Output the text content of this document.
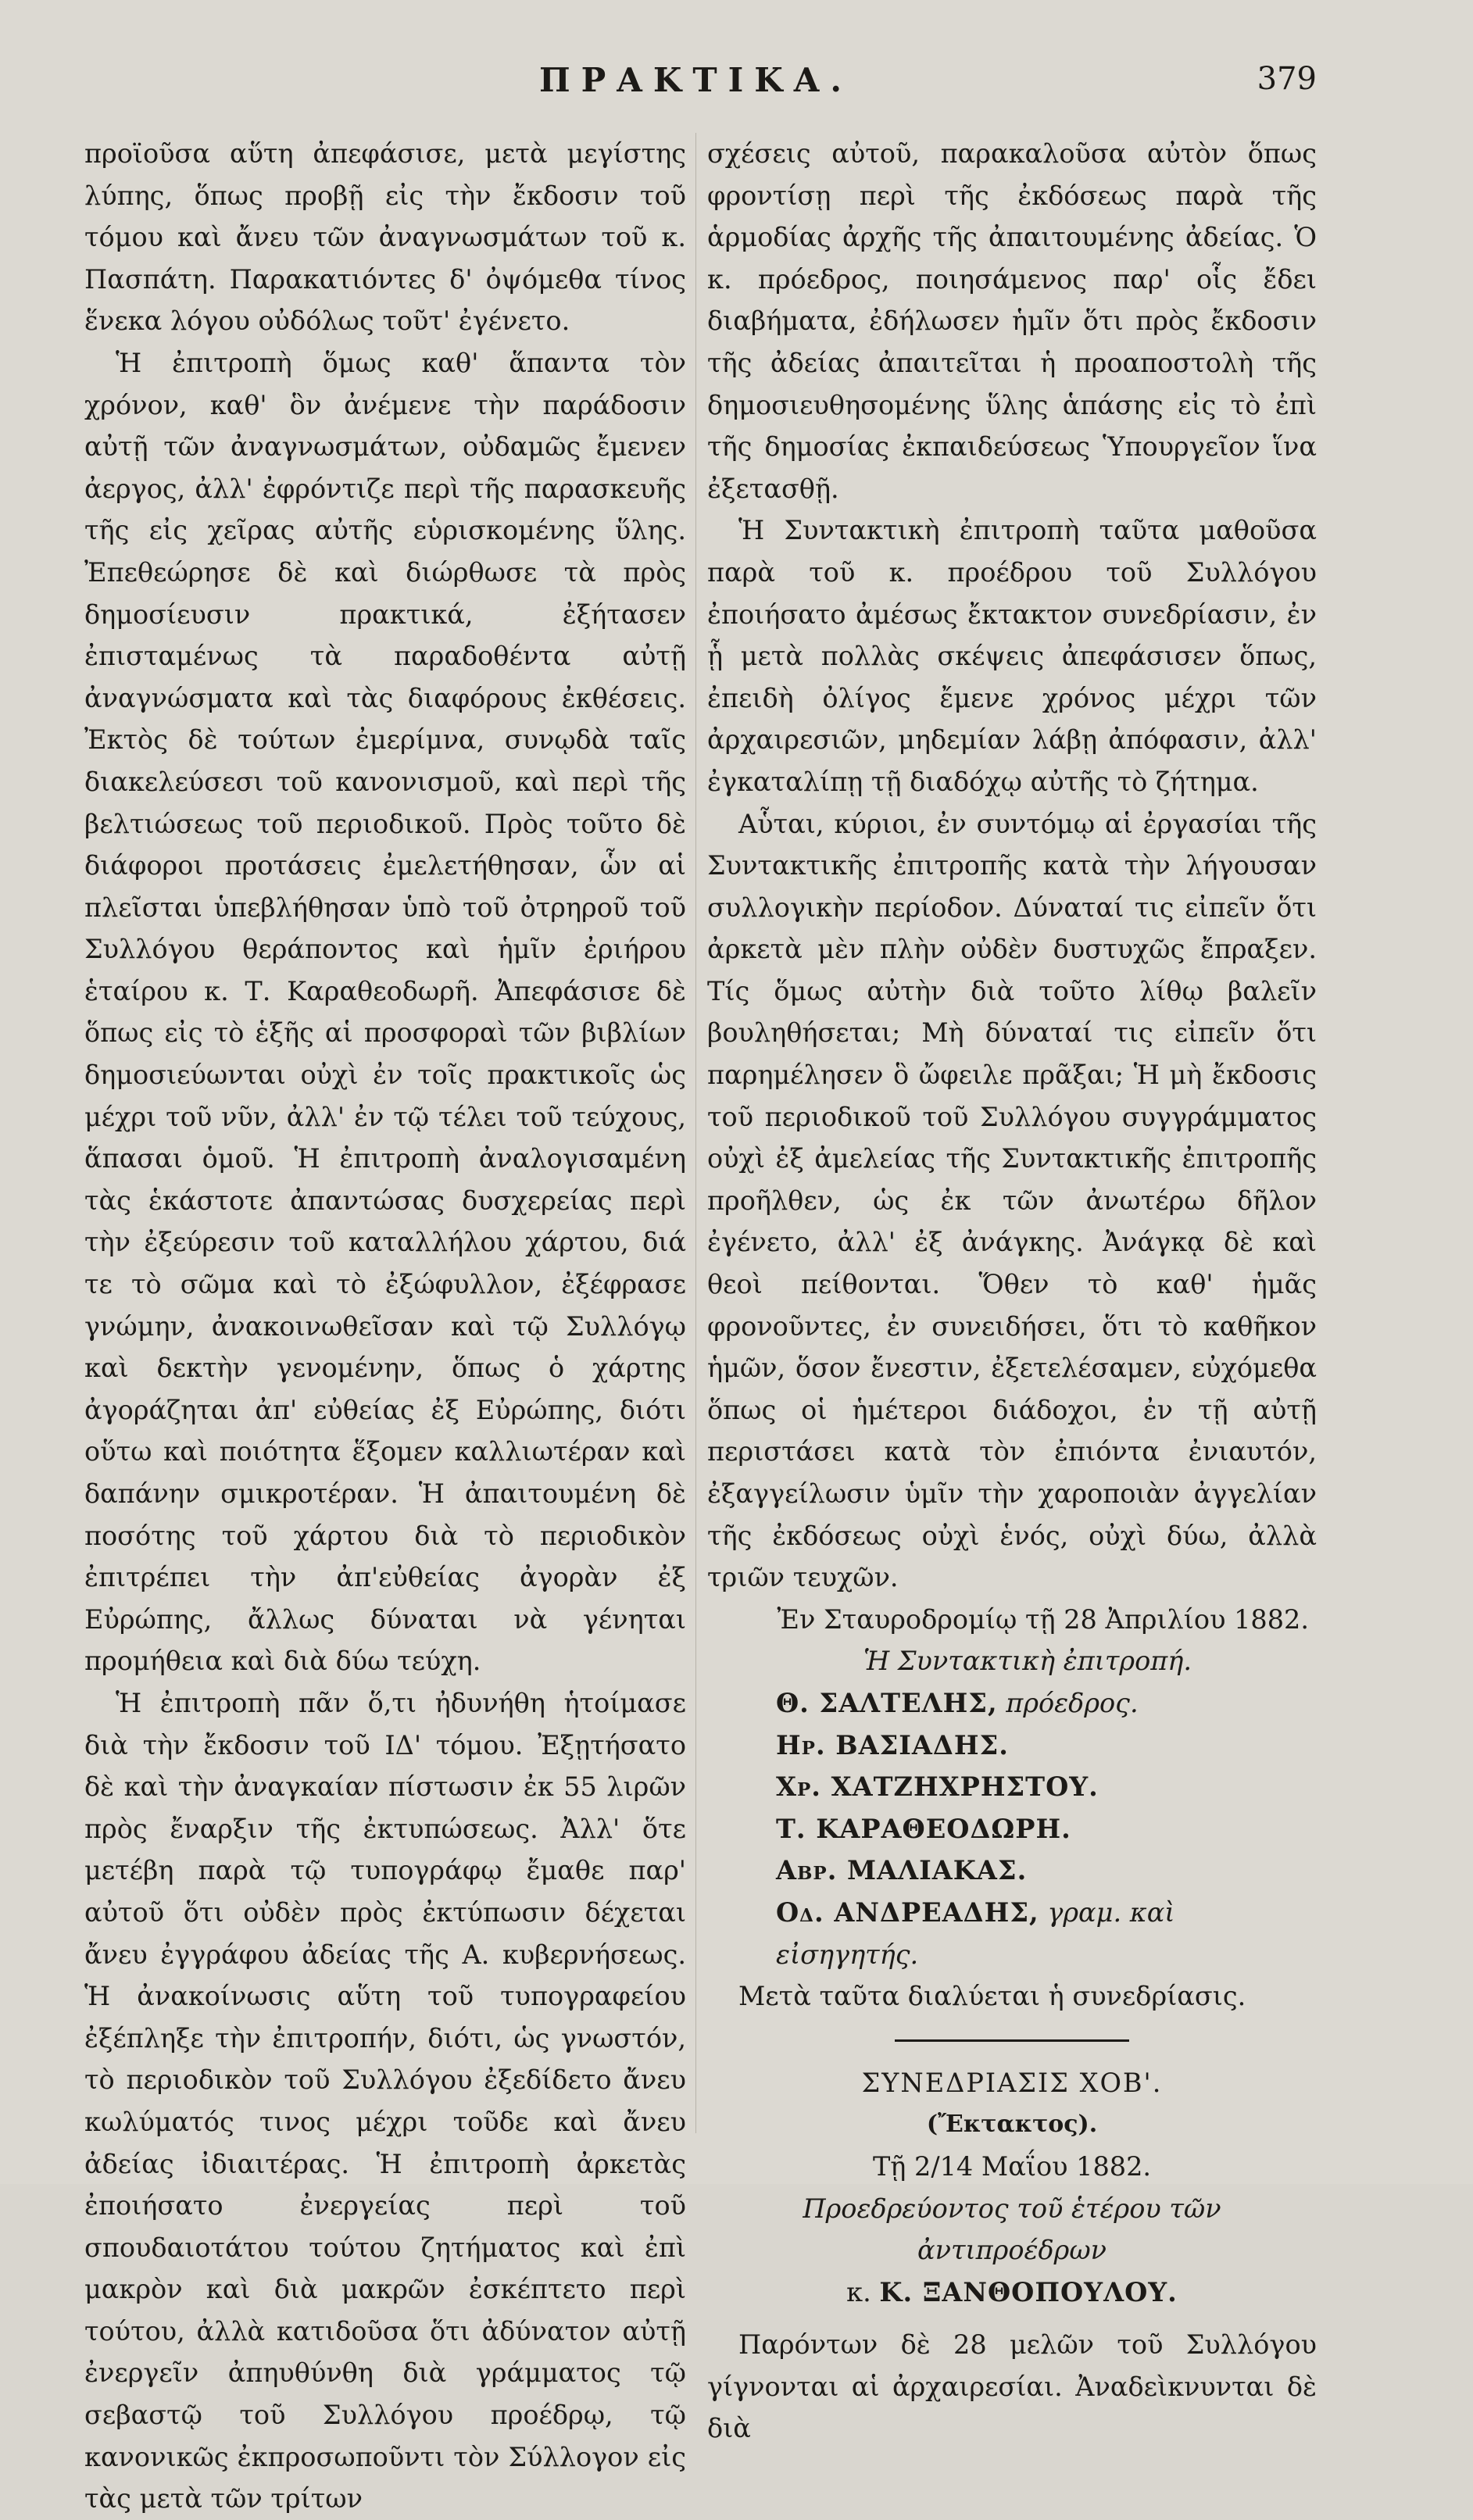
ΠΡΑΚΤΙΚΑ.	379

προϊοῦσα αὕτη ἀπεφάσισε, μετὰ μεγίστης λύπης, ὅπως προβῇ εἰς τὴν ἔκδοσιν τοῦ τόμου καὶ ἄνευ τῶν ἀναγνωσμάτων τοῦ κ. Πασπάτη. Παρακατιόντες δ' ὀψόμεθα τίνος ἕνεκα λόγου οὐδόλως τοῦτ' ἐγένετο.

Ἡ ἐπιτροπὴ ὅμως καθ' ἅπαντα τὸν χρόνον, καθ' ὃν ἀνέμενε τὴν παράδοσιν αὐτῇ τῶν ἀναγνωσμάτων, οὐδαμῶς ἔμενεν ἀεργος, ἀλλ' ἐφρόντιζε περὶ τῆς παρασκευῆς τῆς εἰς χεῖρας αὐτῆς εὑρισκομένης ὕλης. Ἐπεθεώρησε δὲ καὶ διώρθωσε τὰ πρὸς δημοσίευσιν πρακτικά, ἐξήτασεν ἐπισταμένως τὰ παραδοθέντα αὐτῇ ἀναγνώσματα καὶ τὰς διαφόρους ἐκθέσεις. Ἐκτὸς δὲ τούτων ἐμερίμνα, συνῳδὰ ταῖς διακελεύσεσι τοῦ κανονισμοῦ, καὶ περὶ τῆς βελτιώσεως τοῦ περιοδικοῦ. Πρὸς τοῦτο δὲ διάφοροι προτάσεις ἐμελετήθησαν, ὧν αἱ πλεῖσται ὑπεβλήθησαν ὑπὸ τοῦ ὀτρηροῦ τοῦ Συλλόγου θεράποντος καὶ ἡμῖν ἐριήρου ἑταίρου κ. Τ. Καραθεοδωρῆ. Ἀπεφάσισε δὲ ὅπως εἰς τὸ ἑξῆς αἱ προσφοραὶ τῶν βιβλίων δημοσιεύωνται οὐχὶ ἐν τοῖς πρακτικοῖς ὡς μέχρι τοῦ νῦν, ἀλλ' ἐν τῷ τέλει τοῦ τεύχους, ἅπασαι ὁμοῦ. Ἡ ἐπιτροπὴ ἀναλογισαμένη τὰς ἑκάστοτε ἀπαντώσας δυσχερείας περὶ τὴν ἐξεύρεσιν τοῦ καταλλήλου χάρτου, διά τε τὸ σῶμα καὶ τὸ ἐξώφυλλον, ἐξέφρασε γνώμην, ἀνακοινωθεῖσαν καὶ τῷ Συλλόγῳ καὶ δεκτὴν γενομένην, ὅπως ὁ χάρτης ἀγοράζηται ἀπ' εὐθείας ἐξ Εὐρώπης, διότι οὕτω καὶ ποιότητα ἕξομεν καλλιωτέραν καὶ δαπάνην σμικροτέραν. Ἡ ἀπαιτουμένη δὲ ποσότης τοῦ χάρτου διὰ τὸ περιοδικὸν ἐπιτρέπει τὴν ἀπ'εὐθείας ἀγορὰν ἐξ Εὐρώπης, ἄλλως δύναται νὰ γένηται προμήθεια καὶ διὰ δύω τεύχη.

Ἡ ἐπιτροπὴ πᾶν ὅ,τι ἠδυνήθη ἡτοίμασε διὰ τὴν ἔκδοσιν τοῦ ΙΔ' τόμου. Ἐξῃτήσατο δὲ καὶ τὴν ἀναγκαίαν πίστωσιν ἐκ 55 λιρῶν πρὸς ἔναρξιν τῆς ἐκτυπώσεως. Ἀλλ' ὅτε μετέβη παρὰ τῷ τυπογράφῳ ἔμαθε παρ' αὐτοῦ ὅτι οὐδὲν πρὸς ἐκτύπωσιν δέχεται ἄνευ ἐγγράφου ἀδείας τῆς Α. κυβερνήσεως. Ἡ ἀνακοίνωσις αὕτη τοῦ τυπογραφείου ἐξέπληξε τὴν ἐπιτροπήν, διότι, ὡς γνωστόν, τὸ περιοδικὸν τοῦ Συλλόγου ἐξεδίδετο ἄνευ κωλύματός τινος μέχρι τοῦδε καὶ ἄνευ ἀδείας ἰδιαιτέρας. Ἡ ἐπιτροπὴ ἀρκετὰς ἐποιήσατο ἐνεργείας περὶ τοῦ σπουδαιοτάτου τούτου ζητήματος καὶ ἐπὶ μακρὸν καὶ διὰ μακρῶν ἐσκέπτετο περὶ τούτου, ἀλλὰ κατιδοῦσα ὅτι ἀδύνατον αὐτῇ ἐνεργεῖν ἀπηυθύνθη διὰ γράμματος τῷ σεβαστῷ τοῦ Συλλόγου προέδρῳ, τῷ κανονικῶς ἐκπροσωποῦντι τὸν Σύλλογον εἰς τὰς μετὰ τῶν τρίτων

σχέσεις αὐτοῦ, παρακαλοῦσα αὐτὸν ὅπως φροντίσῃ περὶ τῆς ἐκδόσεως παρὰ τῆς ἁρμοδίας ἀρχῆς τῆς ἀπαιτουμένης ἀδείας. Ὁ κ. πρόεδρος, ποιησάμενος παρ' οἷς ἔδει διαβήματα, ἐδήλωσεν ἡμῖν ὅτι πρὸς ἔκδοσιν τῆς ἀδείας ἀπαιτεῖται ἡ προαποστολὴ τῆς δημοσιευθησομένης ὕλης ἁπάσης εἰς τὸ ἐπὶ τῆς δημοσίας ἐκπαιδεύσεως Ὑπουργεῖον ἵνα ἐξετασθῇ.

Ἡ Συντακτικὴ ἐπιτροπὴ ταῦτα μαθοῦσα παρὰ τοῦ κ. προέδρου τοῦ Συλλόγου ἐποιήσατο ἀμέσως ἔκτακτον συνεδρίασιν, ἐν ᾗ μετὰ πολλὰς σκέψεις ἀπεφάσισεν ὅπως, ἐπειδὴ ὀλίγος ἔμενε χρόνος μέχρι τῶν ἀρχαιρεσιῶν, μηδεμίαν λάβῃ ἀπόφασιν, ἀλλ' ἐγκαταλίπῃ τῇ διαδόχῳ αὐτῆς τὸ ζήτημα.

Αὗται, κύριοι, ἐν συντόμῳ αἱ ἐργασίαι τῆς Συντακτικῆς ἐπιτροπῆς κατὰ τὴν λήγουσαν συλλογικὴν περίοδον. Δύναταί τις εἰπεῖν ὅτι ἀρκετὰ μὲν πλὴν οὐδὲν δυστυχῶς ἔπραξεν. Τίς ὅμως αὐτὴν διὰ τοῦτο λίθῳ βαλεῖν βουληθήσεται; Μὴ δύναταί τις εἰπεῖν ὅτι παρημέλησεν ὃ ὤφειλε πρᾶξαι; Ἡ μὴ ἔκδοσις τοῦ περιοδικοῦ τοῦ Συλλόγου συγγράμματος οὐχὶ ἐξ ἀμελείας τῆς Συντακτικῆς ἐπιτροπῆς προῆλθεν, ὡς ἐκ τῶν ἀνωτέρω δῆλον ἐγένετο, ἀλλ' ἐξ ἀνάγκης. Ἀνάγκᾳ δὲ καὶ θεοὶ πείθονται. Ὅθεν τὸ καθ' ἡμᾶς φρονοῦντες, ἐν συνειδήσει, ὅτι τὸ καθῆκον ἡμῶν, ὅσον ἔνεστιν, ἐξετελέσαμεν, εὐχόμεθα ὅπως οἱ ἡμέτεροι διάδοχοι, ἐν τῇ αὐτῇ περιστάσει κατὰ τὸν ἐπιόντα ἐνιαυτόν, ἐξαγγείλωσιν ὑμῖν τὴν χαροποιὰν ἀγγελίαν τῆς ἐκδόσεως οὐχὶ ἑνός, οὐχὶ δύω, ἀλλὰ τριῶν τευχῶν.

Ἐν Σταυροδρομίῳ τῇ 28 Ἀπριλίου 1882.

Ἡ Συντακτικὴ ἐπιτροπή.

Θ. ΣΑΛΤΕΛΗΣ, πρόεδρος.

Ηρ. ΒΑΣΙΑΔΗΣ.

Χρ. ΧΑΤΖΗΧΡΗΣΤΟΥ.

Τ. ΚΑΡΑΘΕΟΔΩΡΗ.

Αβρ. ΜΑΛΙΑΚΑΣ.

Οδ. ΑΝΔΡΕΑΔΗΣ, γραμ. καὶ εἰσηγητής.

Μετὰ ταῦτα διαλύεται ἡ συνεδρίασις.

ΣΥΝΕΔΡΙΑΣΙΣ ΧΟΒ'.

(Ἔκτακτος).

Τῇ 2/14 Μαΐου 1882.

Προεδρεύοντος τοῦ ἑτέρου τῶν ἀντιπροέδρων

κ. Κ. ΞΑΝΘΟΠΟΥΛΟΥ.

Παρόντων δὲ 28 μελῶν τοῦ Συλλόγου γίγνονται αἱ ἀρχαιρεσίαι. Ἀναδεὶκνυνται δὲ διὰ
